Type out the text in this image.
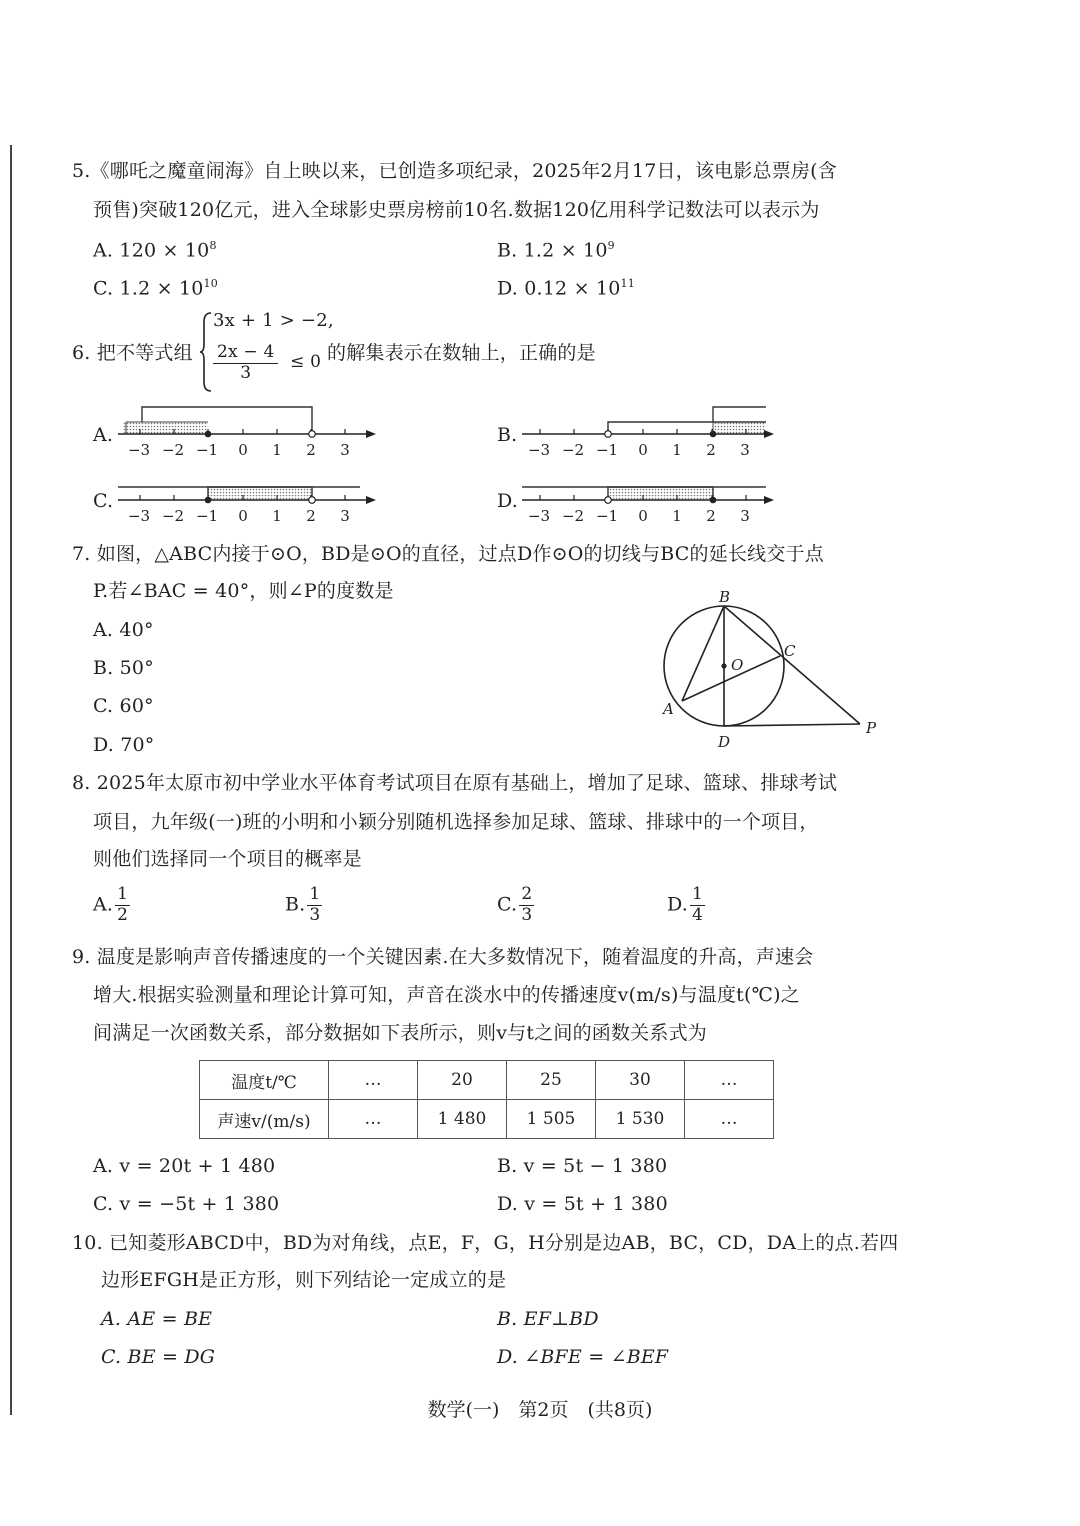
5.《哪吒之魔童闹海》自上映以来，已创造多项纪录，2025年2月17日，该电影总票房(含
预售)突破120亿元，进入全球影史票房榜前10名.数据120亿用科学记数法可以表示为
A. $120 \times 10^8$	B. $1.2 \times 10^9$
C. $1.2 \times 10^{10}$	D. $0.12 \times 10^{11}$
6. 把不等式组
3x + 1 > −2,
$\frac{2x - 4}{3} \le 0$ 的解集表示在数轴上，正确的是
A.	B.
C.	D.
−3 −2 −1 0 1 2 3	−3 −2 −1 0 1 2 3
−3 −2 −1 0 1 2 3	−3 −2 −1 0 1 2 3
7. 如图，△ABC内接于⊙O，BD是⊙O的直径，过点D作⊙O的切线与BC的延长线交于点
P.若∠BAC = 40°，则∠P的度数是
A. 40°
B. 50°
C. 60°
D. 70°
B
C
O
A
D
P
8. 2025年太原市初中学业水平体育考试项目在原有基础上，增加了足球、篮球、排球考试
项目，九年级(一)班的小明和小颖分别随机选择参加足球、篮球、排球中的一个项目，
则他们选择同一个项目的概率是
A. $\frac{1}{2}$	B. $\frac{1}{3}$	C. $\frac{2}{3}$	D. $\frac{1}{4}$
9. 温度是影响声音传播速度的一个关键因素.在大多数情况下，随着温度的升高，声速会
增大.根据实验测量和理论计算可知，声音在淡水中的传播速度v(m/s)与温度t(℃)之
间满足一次函数关系，部分数据如下表所示，则v与t之间的函数关系式为
温度t/℃	…	20	25	30	…
声速v/(m/s)	…	1 480	1 505	1 530	…
A. v = 20t + 1 480	B. v = 5t − 1 380
C. v = −5t + 1 380	D. v = 5t + 1 380
10. 已知菱形ABCD中，BD为对角线，点E，F，G，H分别是边AB，BC，CD，DA上的点.若四
边形EFGH是正方形，则下列结论一定成立的是
A. AE = BE	B. EF⊥BD
C. BE = DG	D. ∠BFE = ∠BEF
数学(一)　第2页　(共8页)
